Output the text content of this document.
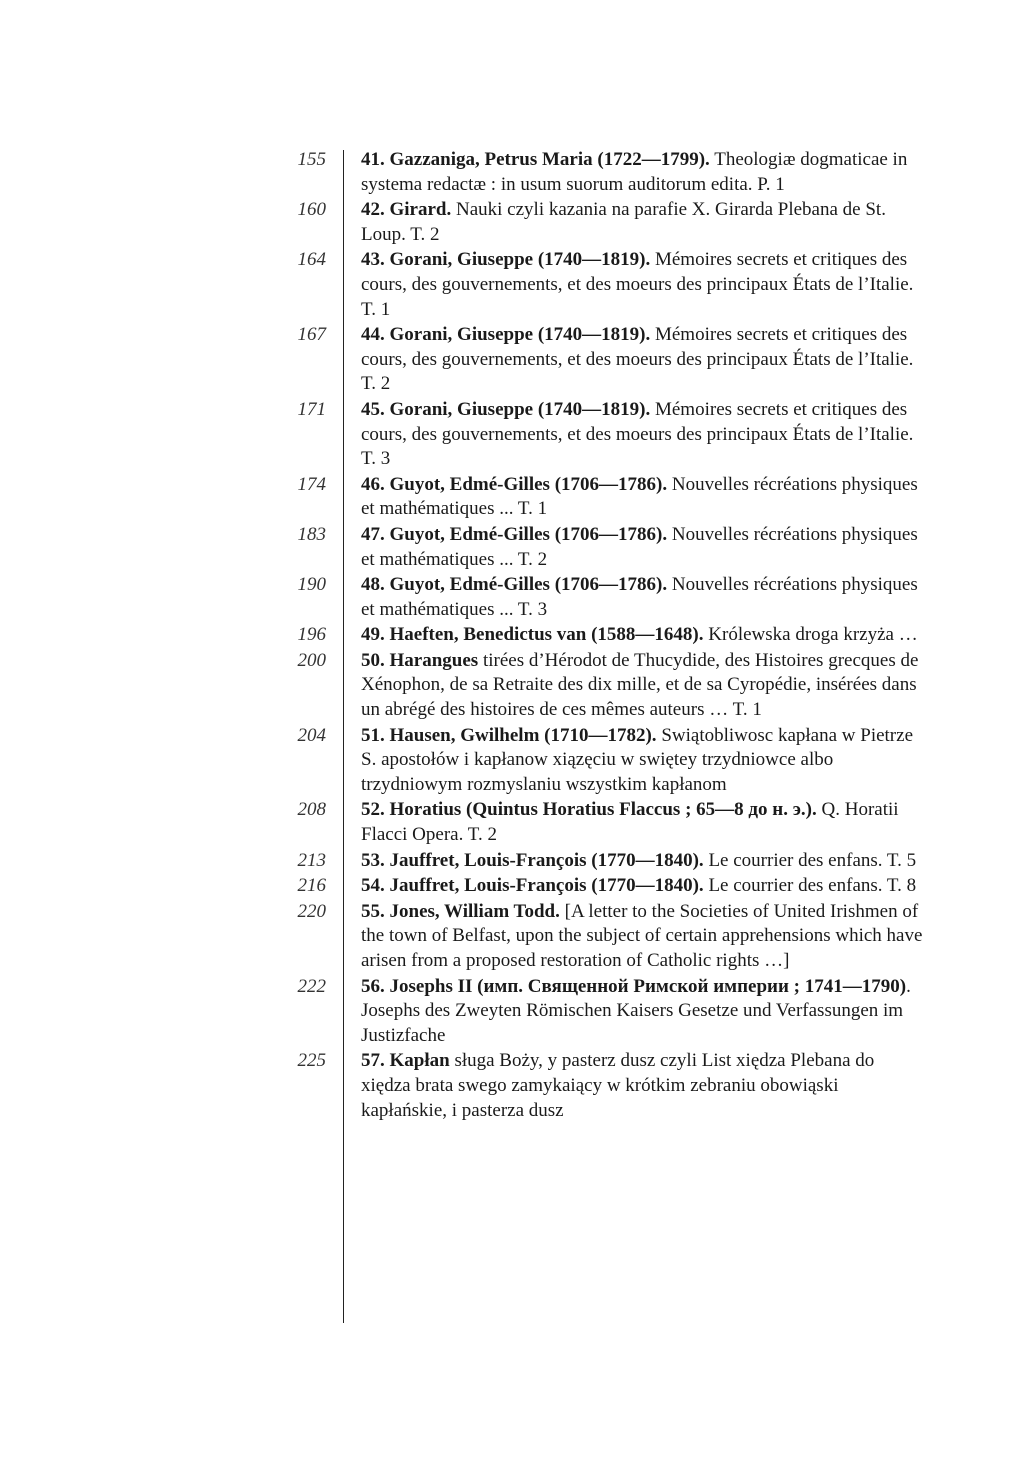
155 41. Gazzaniga, Petrus Maria (1722—1799). Theologiæ dogmaticae in systema redactæ : in usum suorum auditorum edita. P. 1
160 42. Girard. Nauki czyli kazania na parafie X. Girarda Plebana de St. Loup. T. 2
164 43. Gorani, Giuseppe (1740—1819). Mémoires secrets et critiques des cours, des gouvernements, et des moeurs des principaux États de l’Italie. T. 1
167 44. Gorani, Giuseppe (1740—1819). Mémoires secrets et critiques des cours, des gouvernements, et des moeurs des principaux États de l’Italie. T. 2
171 45. Gorani, Giuseppe (1740—1819). Mémoires secrets et critiques des cours, des gouvernements, et des moeurs des principaux États de l’Italie. T. 3
174 46. Guyot, Edmé-Gilles (1706—1786). Nouvelles récréations physiques et mathématiques ... T. 1
183 47. Guyot, Edmé-Gilles (1706—1786). Nouvelles récréations physiques et mathématiques ... T. 2
190 48. Guyot, Edmé-Gilles (1706—1786). Nouvelles récréations physiques et mathématiques ... T. 3
196 49. Haeften, Benedictus van (1588—1648). Królewska droga krzyża …
200 50. Harangues tirées d’Hérodot de Thucydide, des Histoires grecques de Xénophon, de sa Retraite des dix mille, et de sa Cyropédie, insérées dans un abrégé des histoires de ces mêmes auteurs … T. 1
204 51. Hausen, Gwilhelm (1710—1782). Swiątobliwosc kapłana w Pietrze S. apostołów i kapłanow xiązęciu w swiętey trzydniowce albo trzydniowym rozmyslaniu wszystkim kapłanom
208 52. Horatius (Quintus Horatius Flaccus ; 65—8 до н. э.). Q. Horatii Flacci Opera. T. 2
213 53. Jauffret, Louis-François (1770—1840). Le courrier des enfans. T. 5
216 54. Jauffret, Louis-François (1770—1840). Le courrier des enfans. T. 8
220 55. Jones, William Todd. [A letter to the Societies of United Irishmen of the town of Belfast, upon the subject of certain apprehensions which have arisen from a proposed restoration of Catholic rights …]
222 56. Josephs II (имп. Священной Римской империи ; 1741—1790). Josephs des Zweyten Römischen Kaisers Gesetze und Verfassungen im Justizfache
225 57. Kapłan sługa Boży, y pasterz dusz czyli List xiędza Plebana do xiędza brata swego zamykaiący w krótkim zebraniu obowiąski kapłańskie, i pasterza dusz
